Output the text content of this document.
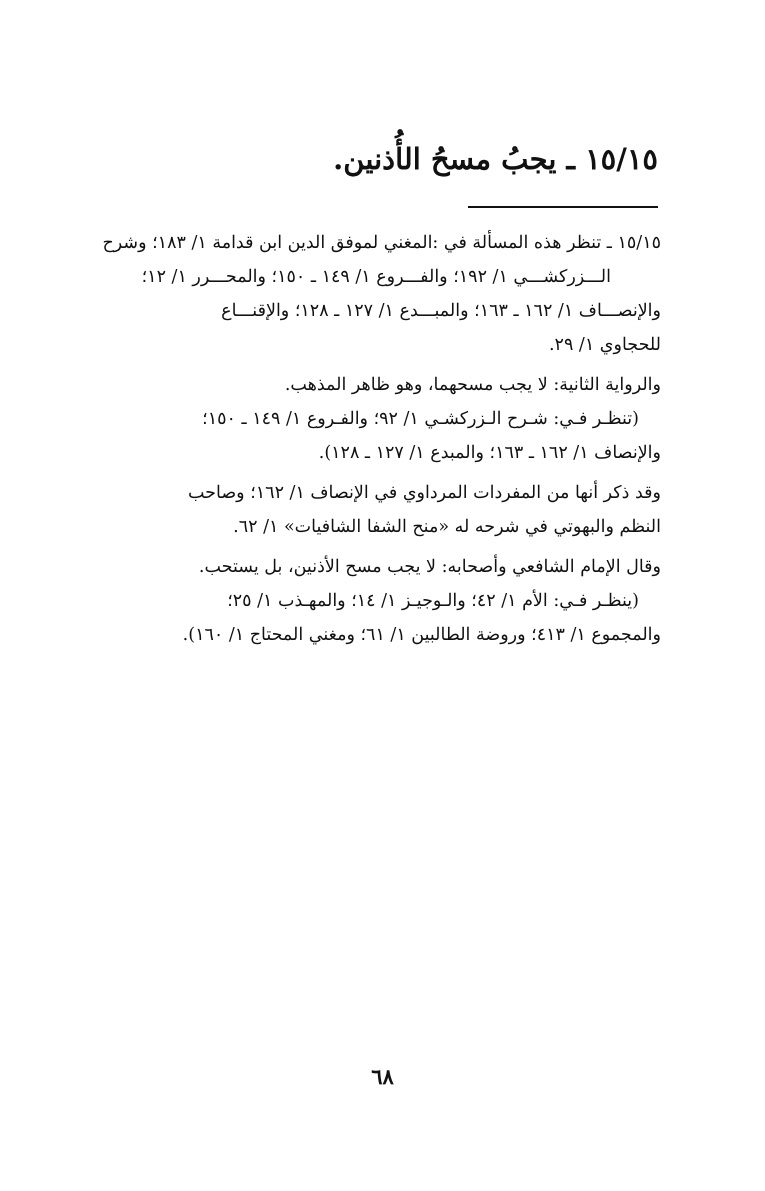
١٥/١٥ ـ يجبُ مسحُ الأُذنين.
١٥/١٥ ـ تنظر هذه المسألة في :المغني لموفق الدين ابن قدامة ١/ ١٨٣؛ وشرح
الـــزركشـــي ١/ ١٩٢؛ والفـــروع ١/ ١٤٩ ـ ١٥٠؛ والمحـــرر ١/ ١٢؛
والإنصـــاف ١/ ١٦٢ ـ ١٦٣؛ والمبـــدع ١/ ١٢٧ ـ ١٢٨؛ والإقنـــاع
للحجاوي ١/ ٢٩.
والرواية الثانية: لا يجب مسحهما، وهو ظاهر المذهب.
(تنظـر فـي: شـرح الـزركشـي ١/ ٩٢؛ والفـروع ١/ ١٤٩ ـ ١٥٠؛
والإنصاف ١/ ١٦٢ ـ ١٦٣؛ والمبدع ١/ ١٢٧ ـ ١٢٨).
وقد ذكر أنها من المفردات المرداوي في الإنصاف ١/ ١٦٢؛ وصاحب
النظم والبهوتي في شرحه له «منح الشفا الشافيات» ١/ ٦٢.
وقال الإمام الشافعي وأصحابه: لا يجب مسح الأذنين، بل يستحب.
(ينظـر فـي: الأم ١/ ٤٢؛ والـوجيـز ١/ ١٤؛ والمهـذب ١/ ٢٥؛
والمجموع ١/ ٤١٣؛ وروضة الطالبين ١/ ٦١؛ ومغني المحتاج ١/ ١٦٠).
٦٨
